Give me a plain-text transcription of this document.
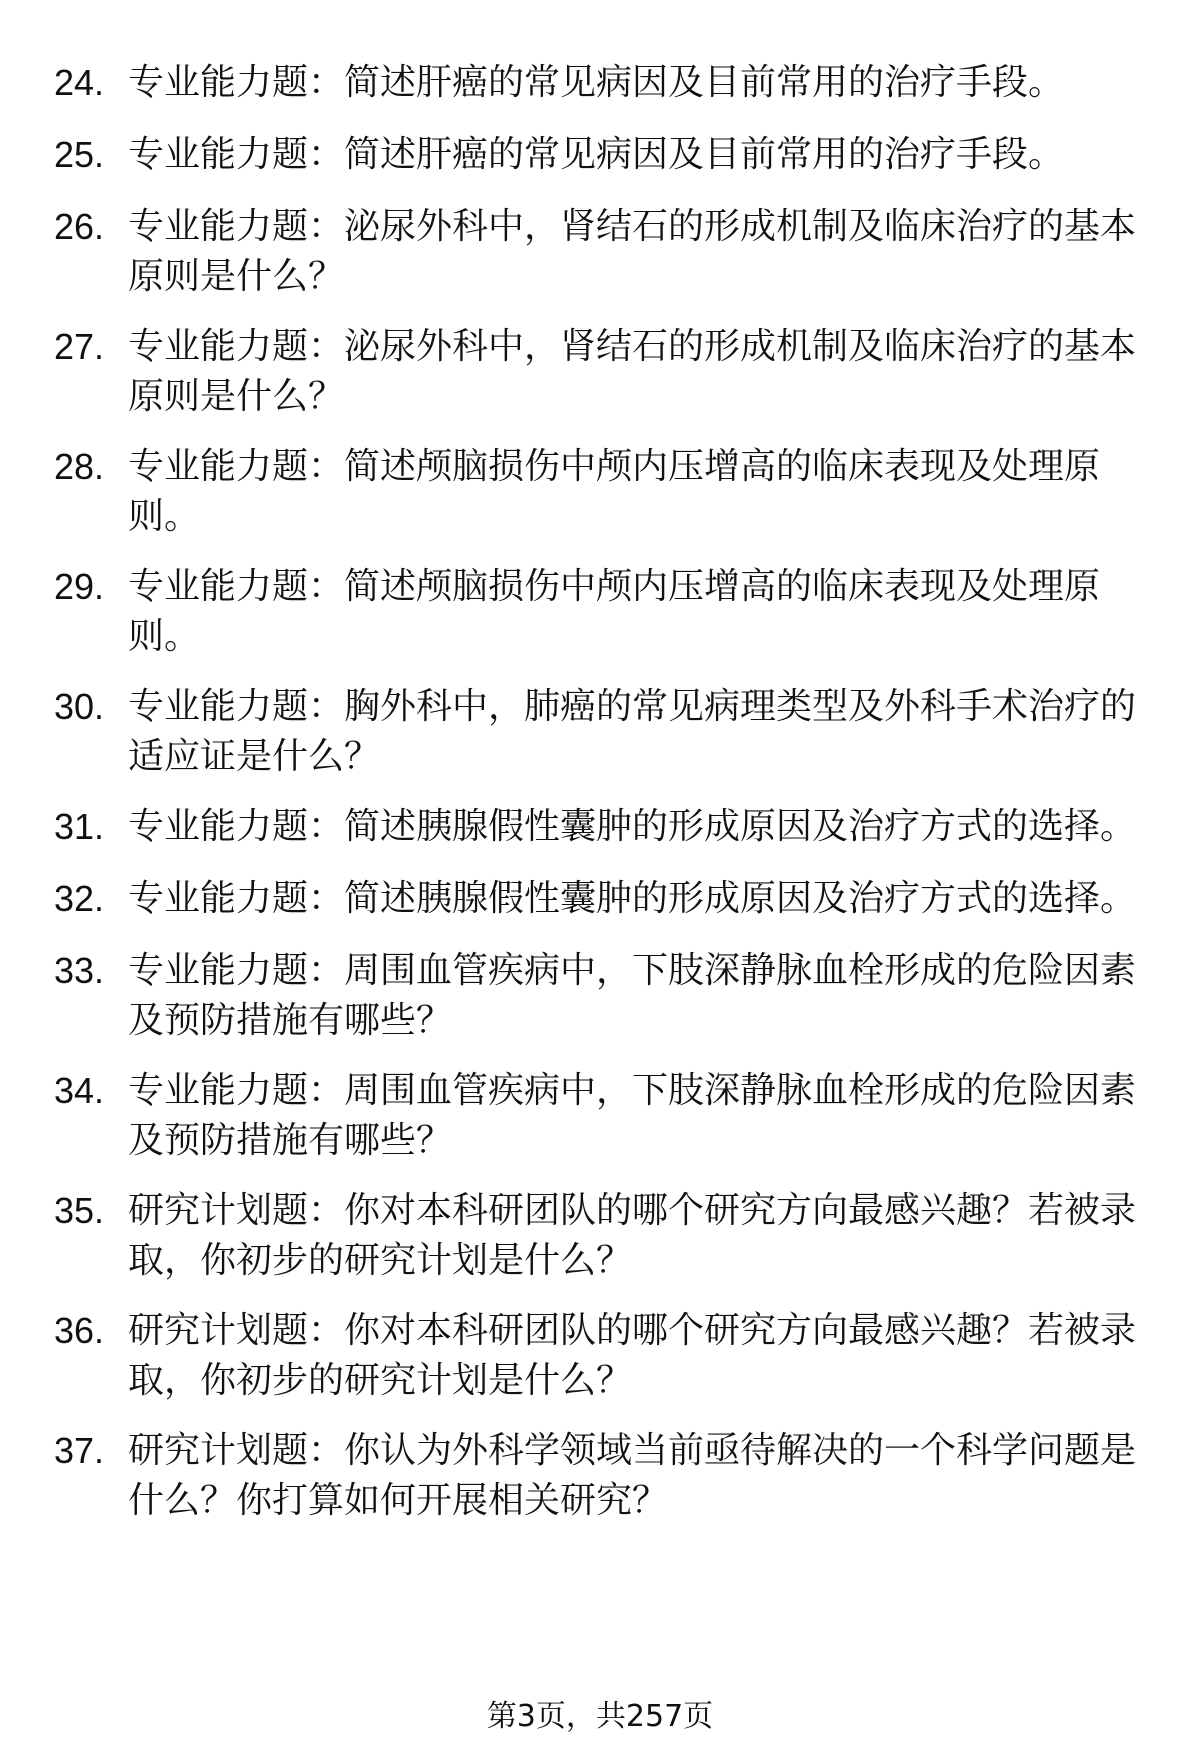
24. 专业能力题：简述肝癌的常见病因及目前常用的治疗手段。
25. 专业能力题：简述肝癌的常见病因及目前常用的治疗手段。
26. 专业能力题：泌尿外科中，肾结石的形成机制及临床治疗的基本原则是什么？
27. 专业能力题：泌尿外科中，肾结石的形成机制及临床治疗的基本原则是什么？
28. 专业能力题：简述颅脑损伤中颅内压增高的临床表现及处理原则。
29. 专业能力题：简述颅脑损伤中颅内压增高的临床表现及处理原则。
30. 专业能力题：胸外科中，肺癌的常见病理类型及外科手术治疗的适应证是什么？
31. 专业能力题：简述胰腺假性囊肿的形成原因及治疗方式的选择。
32. 专业能力题：简述胰腺假性囊肿的形成原因及治疗方式的选择。
33. 专业能力题：周围血管疾病中，下肢深静脉血栓形成的危险因素及预防措施有哪些？
34. 专业能力题：周围血管疾病中，下肢深静脉血栓形成的危险因素及预防措施有哪些？
35. 研究计划题：你对本科研团队的哪个研究方向最感兴趣？若被录取，你初步的研究计划是什么？
36. 研究计划题：你对本科研团队的哪个研究方向最感兴趣？若被录取，你初步的研究计划是什么？
37. 研究计划题：你认为外科学领域当前亟待解决的一个科学问题是什么？你打算如何开展相关研究？
第3页，共257页
